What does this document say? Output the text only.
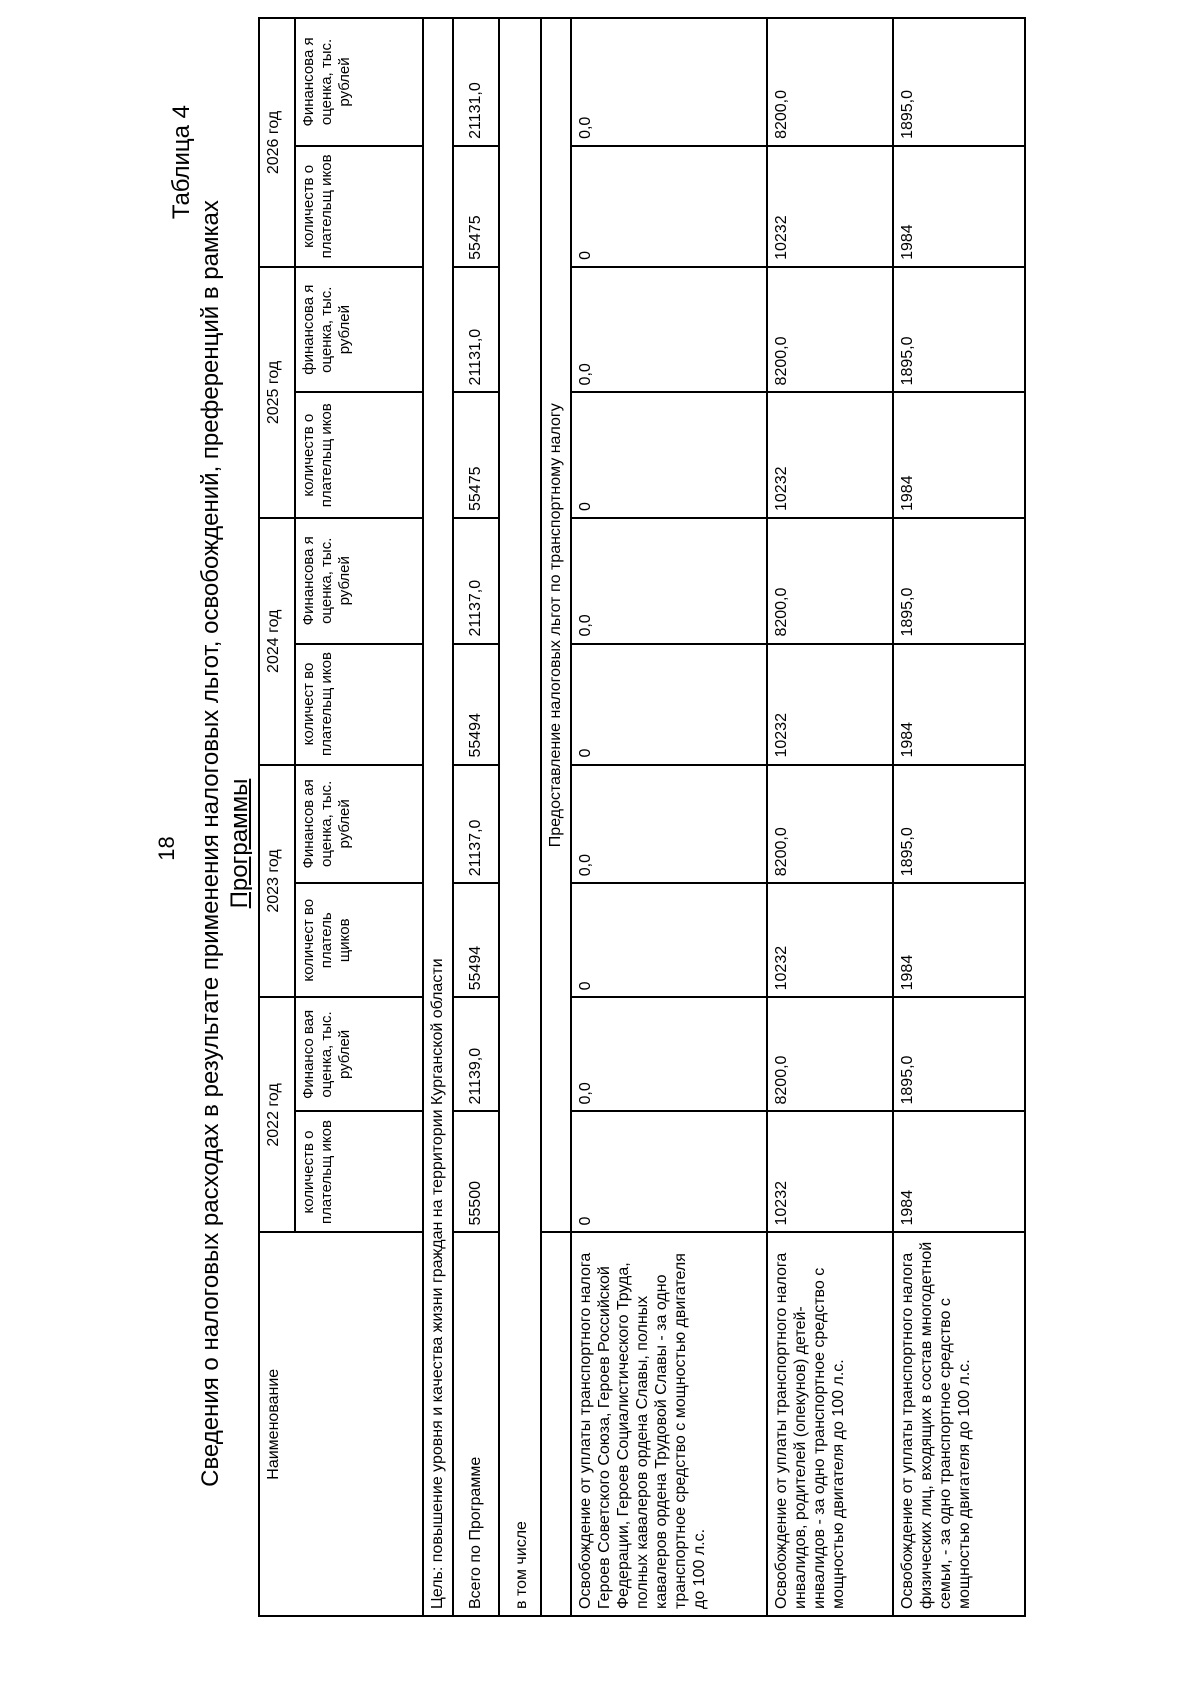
18
Таблица 4
Сведения о налоговых расходах в результате применения налоговых льгот, освобождений, преференций в рамках Программы
Наименование	2022 год		2023 год		2024 год		2025 год		2026 год	
	количеств о плательщ иков	Финансо вая оценка, тыс. рублей	количест во платель щиков	Финансов ая оценка, тыс. рублей	количест во плательщ иков	Финансова я оценка, тыс. рублей	количеств о плательщ иков	финансова я оценка, тыс. рублей	количеств о плательщ иков	Финансова я оценка, тыс. рублей
Цель: повышение уровня и качества жизни граждан на территории Курганской области										
Всего по Программе	55500	21139,0	55494	21137,0	55494	21137,0	55475	21131,0	55475	21131,0
в том числе										
	Предоставление налоговых льгот по транспортному налогу									
Освобождение от уплаты транспортного налога Героев Советского Союза, Героев Российской Федерации, Героев Социалистического Труда, полных кавалеров ордена Славы, полных кавалеров ордена Трудовой Славы - за одно транспортное средство с мощностью двигателя до 100 л.с.	0	0,0	0	0,0	0	0,0	0	0,0	0	0,0
Освобождение от уплаты транспортного налога инвалидов, родителей (опекунов) детей-инвалидов - за одно транспортное средство с мощностью двигателя до 100 л.с.	10232	8200,0	10232	8200,0	10232	8200,0	10232	8200,0	10232	8200,0
Освобождение от уплаты транспортного налога физических лиц, входящих в состав многодетной семьи, - за одно транспортное средство с мощностью двигателя до 100 л.с.	1984	1895,0	1984	1895,0	1984	1895,0	1984	1895,0	1984	1895,0
